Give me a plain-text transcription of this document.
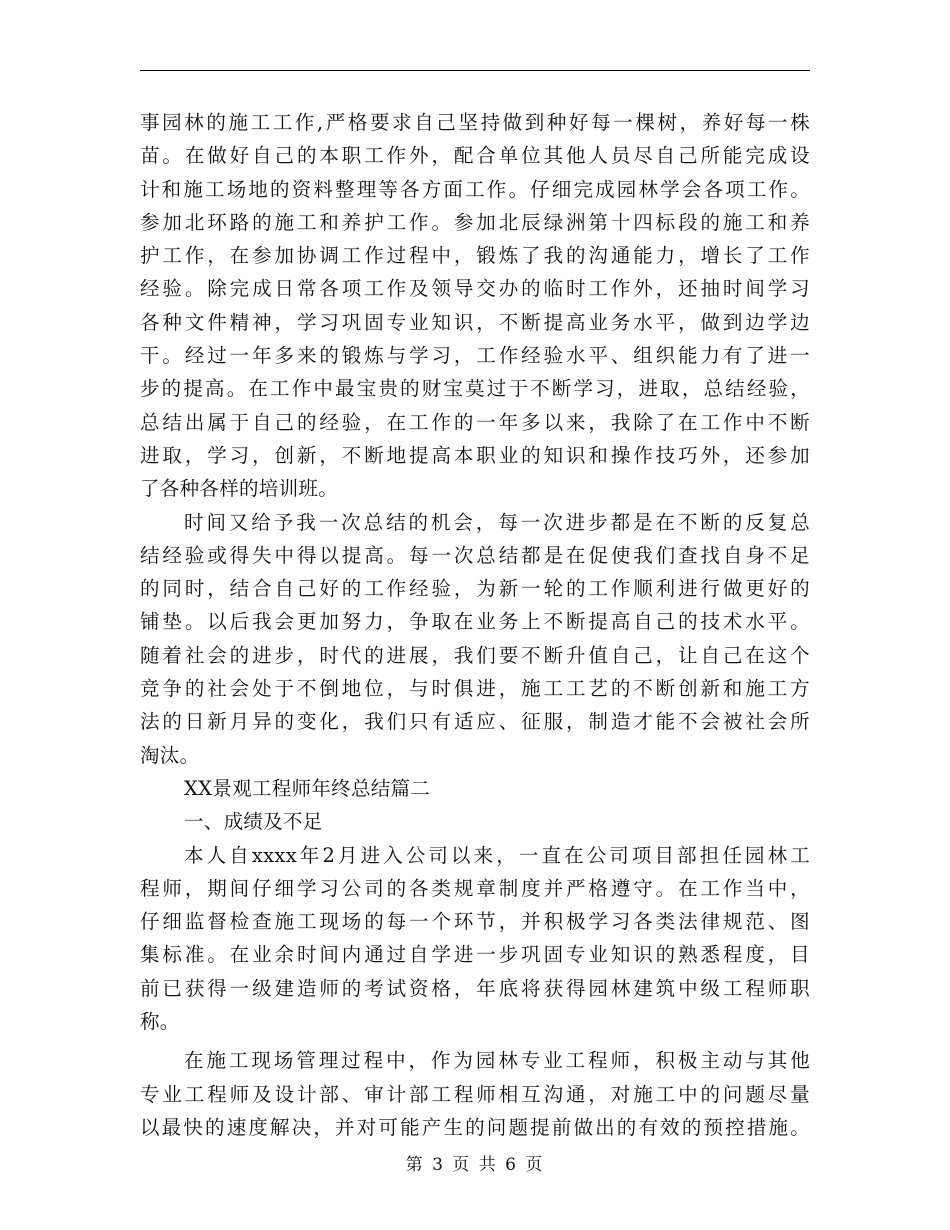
事园林的施工工作,严格要求自己坚持做到种好每一棵树，养好每一株
苗。在做好自己的本职工作外，配合单位其他人员尽自己所能完成设
计和施工场地的资料整理等各方面工作。仔细完成园林学会各项工作。
参加北环路的施工和养护工作。参加北辰绿洲第十四标段的施工和养
护工作，在参加协调工作过程中，锻炼了我的沟通能力，增长了工作
经验。除完成日常各项工作及领导交办的临时工作外，还抽时间学习
各种文件精神，学习巩固专业知识，不断提高业务水平，做到边学边
干。经过一年多来的锻炼与学习，工作经验水平、组织能力有了进一
步的提高。在工作中最宝贵的财宝莫过于不断学习，进取，总结经验，
总结出属于自己的经验，在工作的一年多以来，我除了在工作中不断
进取，学习，创新，不断地提高本职业的知识和操作技巧外，还参加
了各种各样的培训班。
时间又给予我一次总结的机会，每一次进步都是在不断的反复总
结经验或得失中得以提高。每一次总结都是在促使我们查找自身不足
的同时，结合自己好的工作经验，为新一轮的工作顺利进行做更好的
铺垫。以后我会更加努力，争取在业务上不断提高自己的技术水平。
随着社会的进步，时代的进展，我们要不断升值自己，让自己在这个
竞争的社会处于不倒地位，与时俱进，施工工艺的不断创新和施工方
法的日新月异的变化，我们只有适应、征服，制造才能不会被社会所
淘汰。
XX景观工程师年终总结篇二
一、成绩及不足
本人自xxxx年2月进入公司以来，一直在公司项目部担任园林工
程师，期间仔细学习公司的各类规章制度并严格遵守。在工作当中，
仔细监督检查施工现场的每一个环节，并积极学习各类法律规范、图
集标准。在业余时间内通过自学进一步巩固专业知识的熟悉程度，目
前已获得一级建造师的考试资格，年底将获得园林建筑中级工程师职
称。
在施工现场管理过程中，作为园林专业工程师，积极主动与其他
专业工程师及设计部、审计部工程师相互沟通，对施工中的问题尽量
以最快的速度解决，并对可能产生的问题提前做出的有效的预控措施。
第 3 页 共 6 页
